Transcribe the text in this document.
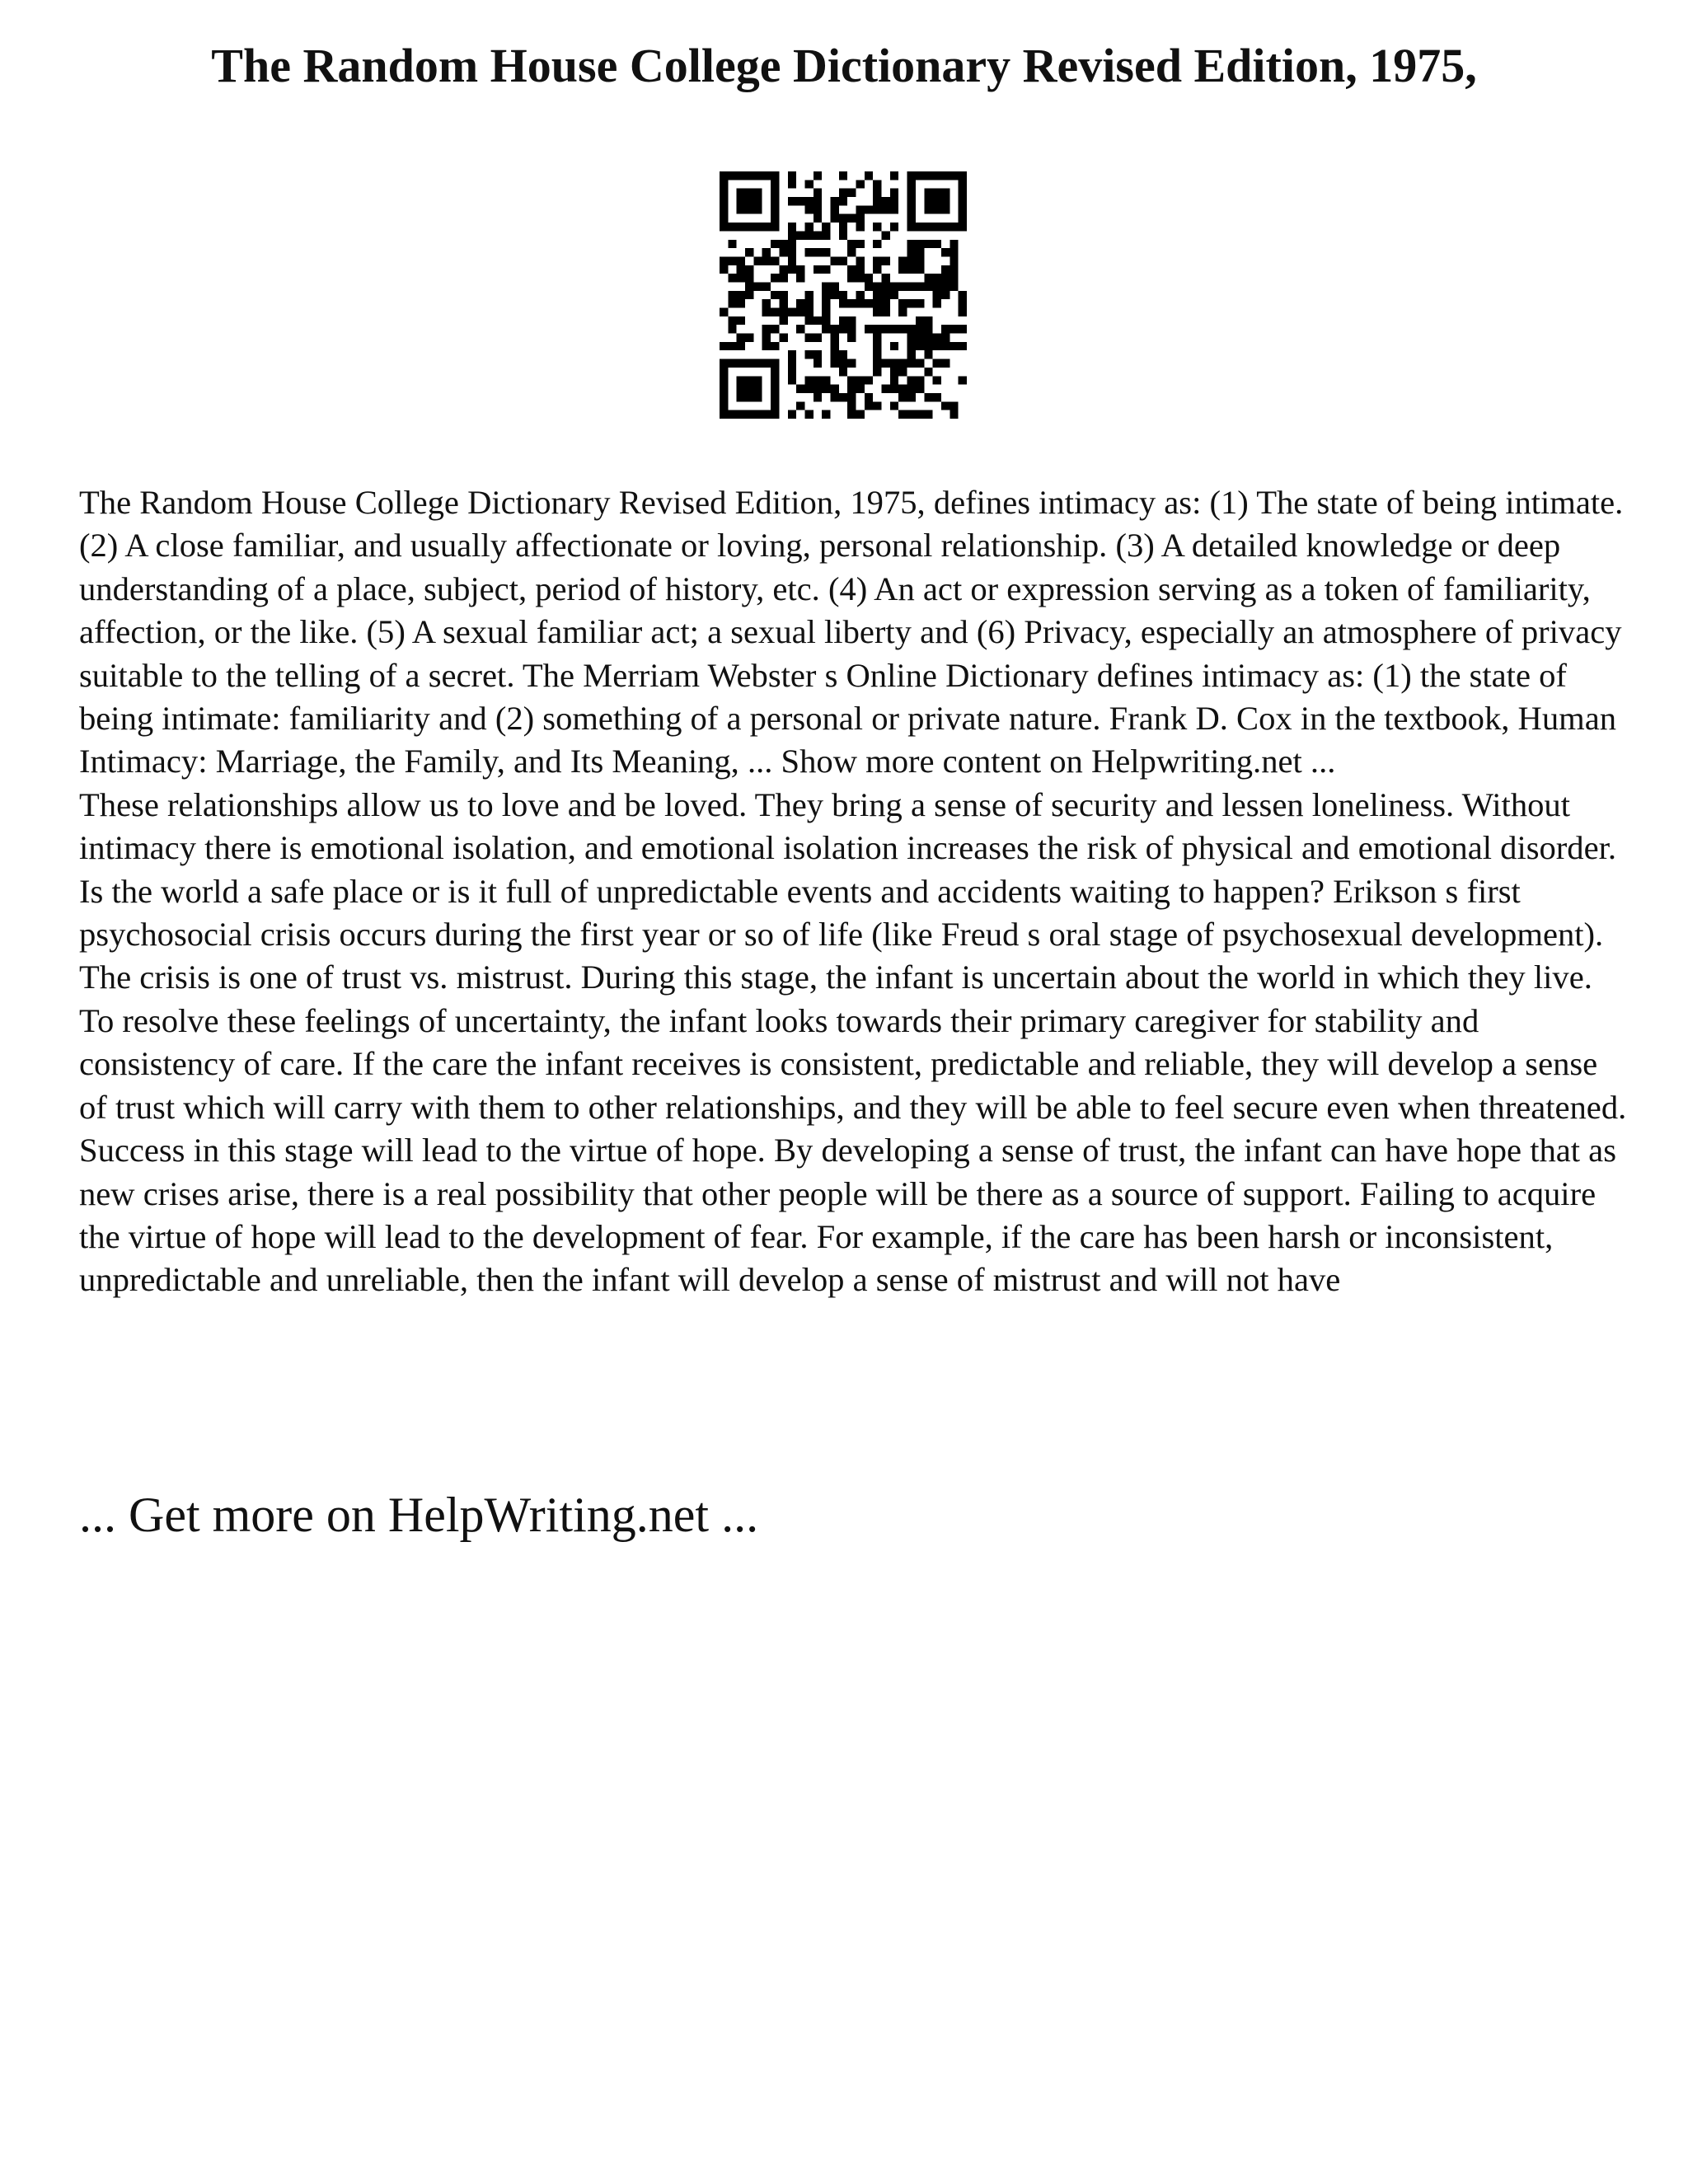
The Random House College Dictionary Revised Edition, 1975,

The Random House College Dictionary Revised Edition, 1975, defines intimacy as: (1) The state of being intimate. (2) A close familiar, and usually affectionate or loving, personal relationship. (3) A detailed knowledge or deep understanding of a place, subject, period of history, etc. (4) An act or expression serving as a token of familiarity, affection, or the like. (5) A sexual familiar act; a sexual liberty and (6) Privacy, especially an atmosphere of privacy suitable to the telling of a secret. The Merriam Webster s Online Dictionary defines intimacy as: (1) the state of being intimate: familiarity and (2) something of a personal or private nature. Frank D. Cox in the textbook, Human Intimacy: Marriage, the Family, and Its Meaning, ... Show more content on Helpwriting.net ...

These relationships allow us to love and be loved. They bring a sense of security and lessen loneliness. Without intimacy there is emotional isolation, and emotional isolation increases the risk of physical and emotional disorder. Is the world a safe place or is it full of unpredictable events and accidents waiting to happen? Erikson s first psychosocial crisis occurs during the first year or so of life (like Freud s oral stage of psychosexual development). The crisis is one of trust vs. mistrust. During this stage, the infant is uncertain about the world in which they live. To resolve these feelings of uncertainty, the infant looks towards their primary caregiver for stability and consistency of care. If the care the infant receives is consistent, predictable and reliable, they will develop a sense of trust which will carry with them to other relationships, and they will be able to feel secure even when threatened. Success in this stage will lead to the virtue of hope. By developing a sense of trust, the infant can have hope that as new crises arise, there is a real possibility that other people will be there as a source of support. Failing to acquire the virtue of hope will lead to the development of fear. For example, if the care has been harsh or inconsistent, unpredictable and unreliable, then the infant will develop a sense of mistrust and will not have

... Get more on HelpWriting.net ...
